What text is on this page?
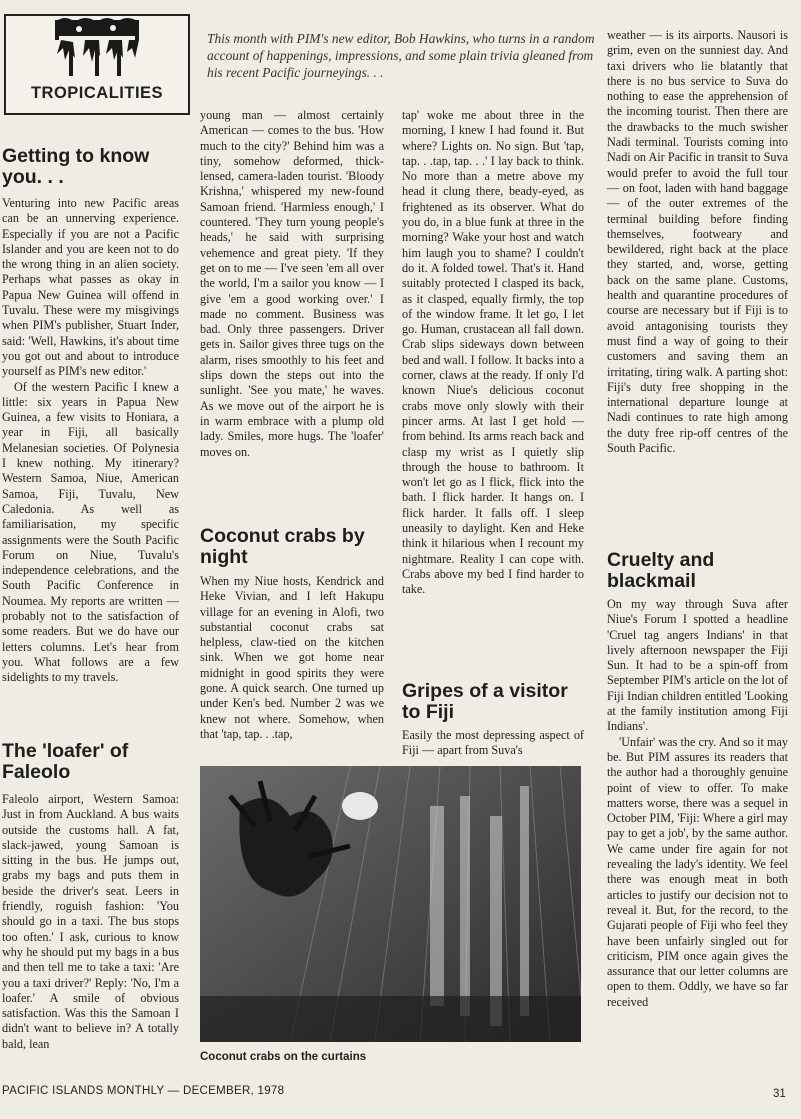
TROPICALITIES
This month with PIM's new editor, Bob Hawkins, who turns in a random account of happenings, impressions, and some plain trivia gleaned from his recent Pacific journeyings. . .
Getting to know you. . .

Venturing into new Pacific areas can be an unnerving experience. Especially if you are not a Pacific Islander and you are keen not to do the wrong thing in an alien society. Perhaps what passes as okay in Papua New Guinea will offend in Tuvalu. These were my misgivings when PIM's publisher, Stuart Inder, said: 'Well, Hawkins, it's about time you got out and about to introduce yourself as PIM's new editor.'

Of the western Pacific I knew a little: six years in Papua New Guinea, a few visits to Honiara, a year in Fiji, all basically Melanesian societies. Of Polynesia I knew nothing. My itinerary? Western Samoa, Niue, American Samoa, Fiji, Tuvalu, New Caledonia. As well as familiarisation, my specific assignments were the South Pacific Forum on Niue, Tuvalu's independence celebrations, and the South Pacific Conference in Noumea. My reports are written — probably not to the satisfaction of some readers. But we do have our letters columns. Let's hear from you. What follows are a few sidelights to my travels.

The 'loafer' of Faleolo

Faleolo airport, Western Samoa: Just in from Auckland. A bus waits outside the customs hall. A fat, slack-jawed, young Samoan is sitting in the bus. He jumps out, grabs my bags and puts them in beside the driver's seat. Leers in friendly, roguish fashion: 'You should go in a taxi. The bus stops too often.' I ask, curious to know why he should put my bags in a bus and then tell me to take a taxi: 'Are you a taxi driver?' Reply: 'No, I'm a loafer.' A smile of obvious satisfaction. Was this the Samoan I didn't want to believe in? A totally bald, lean

young man — almost certainly American — comes to the bus. 'How much to the city?' Behind him was a tiny, somehow deformed, thick-lensed, camera-laden tourist. 'Bloody Krishna,' whispered my new-found Samoan friend. 'Harmless enough,' I countered. 'They turn young people's heads,' he said with surprising vehemence and great piety. 'If they get on to me — I've seen 'em all over the world, I'm a sailor you know — I give 'em a good working over.' I made no comment. Business was bad. Only three passengers. Driver gets in. Sailor gives three tugs on the alarm, rises smoothly to his feet and slips down the steps out into the sunlight. 'See you mate,' he waves. As we move out of the airport he is in warm embrace with a plump old lady. Smiles, more hugs. The 'loafer' moves on.

Coconut crabs by night

When my Niue hosts, Kendrick and Heke Vivian, and I left Hakupu village for an evening in Alofi, two substantial coconut crabs sat helpless, claw-tied on the kitchen sink. When we got home near midnight in good spirits they were gone. A quick search. One turned up under Ken's bed. Number 2 was we knew not where. Somehow, when that 'tap, tap. . .tap,

tap' woke me about three in the morning, I knew I had found it. But where? Lights on. No sign. But 'tap, tap. . .tap, tap. . .' I lay back to think. No more than a metre above my head it clung there, beady-eyed, as frightened as its observer. What do you do, in a blue funk at three in the morning? Wake your host and watch him laugh you to shame? I couldn't do it. A folded towel. That's it. Hand suitably protected I clasped its back, as it clasped, equally firmly, the top of the window frame. It let go, I let go. Human, crustacean all fall down. Crab slips sideways down between bed and wall. I follow. It backs into a corner, claws at the ready. If only I'd known Niue's delicious coconut crabs move only slowly with their pincer arms. At last I get hold — from behind. Its arms reach back and clasp my wrist as I quietly slip through the house to bathroom. It won't let go as I flick, flick into the bath. I flick harder. It hangs on. I flick harder. It falls off. I sleep uneasily to daylight. Ken and Heke think it hilarious when I recount my nightmare. Reality I can cope with. Crabs above my bed I find harder to take.

Gripes of a visitor to Fiji

Easily the most depressing aspect of Fiji — apart from Suva's

weather — is its airports. Nausori is grim, even on the sunniest day. And taxi drivers who lie blatantly that there is no bus service to Suva do nothing to ease the apprehension of the incoming tourist. Then there are the drawbacks to the much swisher Nadi terminal. Tourists coming into Nadi on Air Pacific in transit to Suva would prefer to avoid the full tour — on foot, laden with hand baggage — of the outer extremes of the terminal building before finding themselves, footweary and bewildered, right back at the place they started, and, worse, getting back on the same plane. Customs, health and quarantine procedures of course are necessary but if Fiji is to avoid antagonising tourists they must find a way of going to their customers and saving them an irritating, tiring walk. A parting shot: Fiji's duty free shopping in the international departure lounge at Nadi continues to rate high among the duty free rip-off centres of the South Pacific.

Cruelty and blackmail

On my way through Suva after Niue's Forum I spotted a headline 'Cruel tag angers Indians' in that lively afternoon newspaper the Fiji Sun. It had to be a spin-off from September PIM's article on the lot of Fiji Indian children entitled 'Looking at the family institution among Fiji Indians'.

'Unfair' was the cry. And so it may be. But PIM assures its readers that the author had a thoroughly genuine point of view to offer. To make matters worse, there was a sequel in October PIM, 'Fiji: Where a girl may pay to get a job', by the same author. We came under fire again for not revealing the lady's identity. We feel there was enough meat in both articles to justify our decision not to reveal it. But, for the record, to the Gujarati people of Fiji who feel they have been unfairly singled out for criticism, PIM once again gives the assurance that our letter columns are open to them. Oddly, we have so far received

Coconut crabs on the curtains
PACIFIC ISLANDS MONTHLY — DECEMBER, 1978	31
